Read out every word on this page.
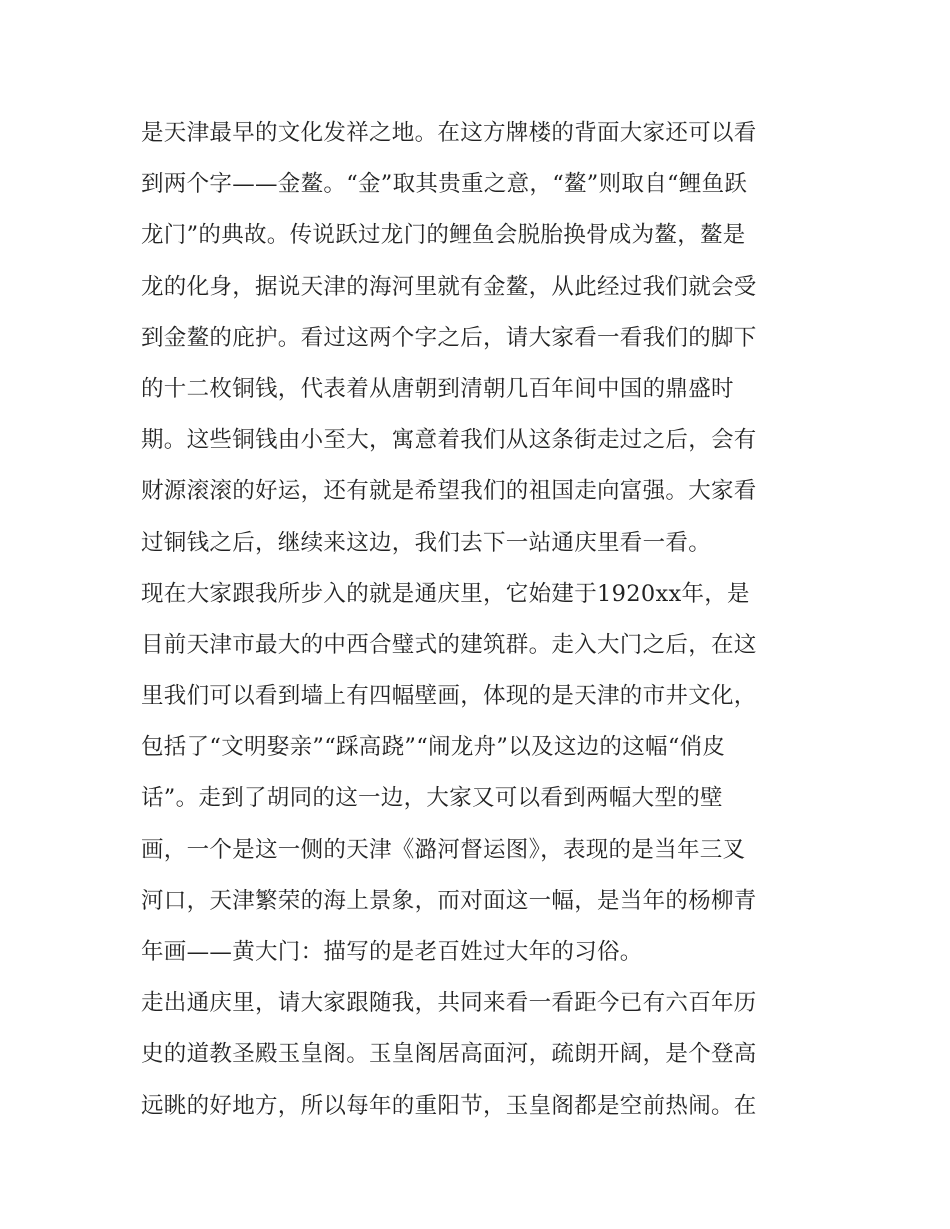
是天津最早的文化发祥之地。在这方牌楼的背面大家还可以看
到两个字——金鳌。“金”取其贵重之意，“鳌”则取自“鲤鱼跃
龙门”的典故。传说跃过龙门的鲤鱼会脱胎换骨成为鳌，鳌是
龙的化身，据说天津的海河里就有金鳌，从此经过我们就会受
到金鳌的庇护。看过这两个字之后，请大家看一看我们的脚下
的十二枚铜钱，代表着从唐朝到清朝几百年间中国的鼎盛时
期。这些铜钱由小至大，寓意着我们从这条街走过之后，会有
财源滚滚的好运，还有就是希望我们的祖国走向富强。大家看
过铜钱之后，继续来这边，我们去下一站通庆里看一看。
现在大家跟我所步入的就是通庆里，它始建于1920xx年，是
目前天津市最大的中西合璧式的建筑群。走入大门之后，在这
里我们可以看到墙上有四幅壁画，体现的是天津的市井文化，
包括了“文明娶亲”“踩高跷”“闹龙舟”以及这边的这幅“俏皮
话”。走到了胡同的这一边，大家又可以看到两幅大型的壁
画，一个是这一侧的天津《潞河督运图》，表现的是当年三叉
河口，天津繁荣的海上景象，而对面这一幅，是当年的杨柳青
年画——黄大门：描写的是老百姓过大年的习俗。
走出通庆里，请大家跟随我，共同来看一看距今已有六百年历
史的道教圣殿玉皇阁。玉皇阁居高面河，疏朗开阔，是个登高
远眺的好地方，所以每年的重阳节，玉皇阁都是空前热闹。在
